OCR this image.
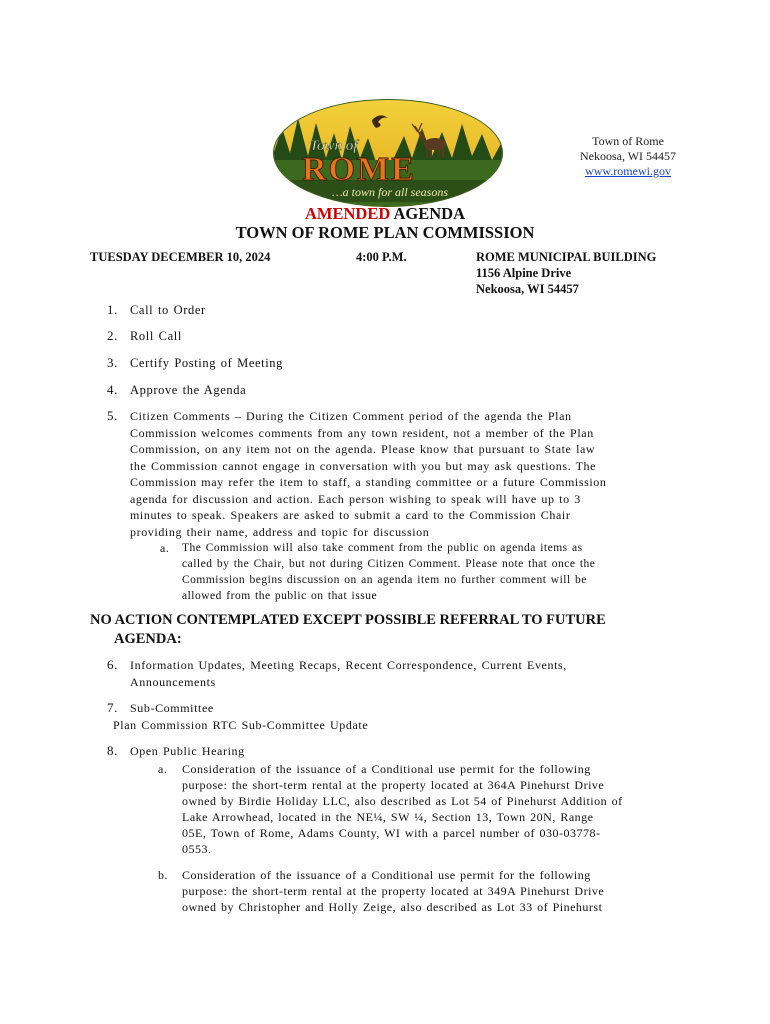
Town of
ROME
…a town for all seasons
Town of Rome
Nekoosa, WI 54457
www.romewi.gov
AMENDED AGENDA
TOWN OF ROME PLAN COMMISSION
TUESDAY DECEMBER 10, 2024	4:00 P.M.	ROME MUNICIPAL BUILDING
1156 Alpine Drive
Nekoosa, WI 54457
1. Call to Order
2. Roll Call
3. Certify Posting of Meeting
4. Approve the Agenda
5. Citizen Comments – During the Citizen Comment period of the agenda the Plan
Commission welcomes comments from any town resident, not a member of the Plan
Commission, on any item not on the agenda. Please know that pursuant to State law
the Commission cannot engage in conversation with you but may ask questions. The
Commission may refer the item to staff, a standing committee or a future Commission
agenda for discussion and action. Each person wishing to speak will have up to 3
minutes to speak. Speakers are asked to submit a card to the Commission Chair
providing their name, address and topic for discussion
a. The Commission will also take comment from the public on agenda items as
called by the Chair, but not during Citizen Comment. Please note that once the
Commission begins discussion on an agenda item no further comment will be
allowed from the public on that issue
NO ACTION CONTEMPLATED EXCEPT POSSIBLE REFERRAL TO FUTURE
AGENDA:
6. Information Updates, Meeting Recaps, Recent Correspondence, Current Events,
Announcements
7. Sub-Committee
Plan Commission RTC Sub-Committee Update
8. Open Public Hearing
a. Consideration of the issuance of a Conditional use permit for the following
purpose: the short-term rental at the property located at 364A Pinehurst Drive
owned by Birdie Holiday LLC, also described as Lot 54 of Pinehurst Addition of
Lake Arrowhead, located in the NE¼, SW ¼, Section 13, Town 20N, Range
05E, Town of Rome, Adams County, WI with a parcel number of 030-03778-
0553.
b. Consideration of the issuance of a Conditional use permit for the following
purpose: the short-term rental at the property located at 349A Pinehurst Drive
owned by Christopher and Holly Zeige, also described as Lot 33 of Pinehurst
